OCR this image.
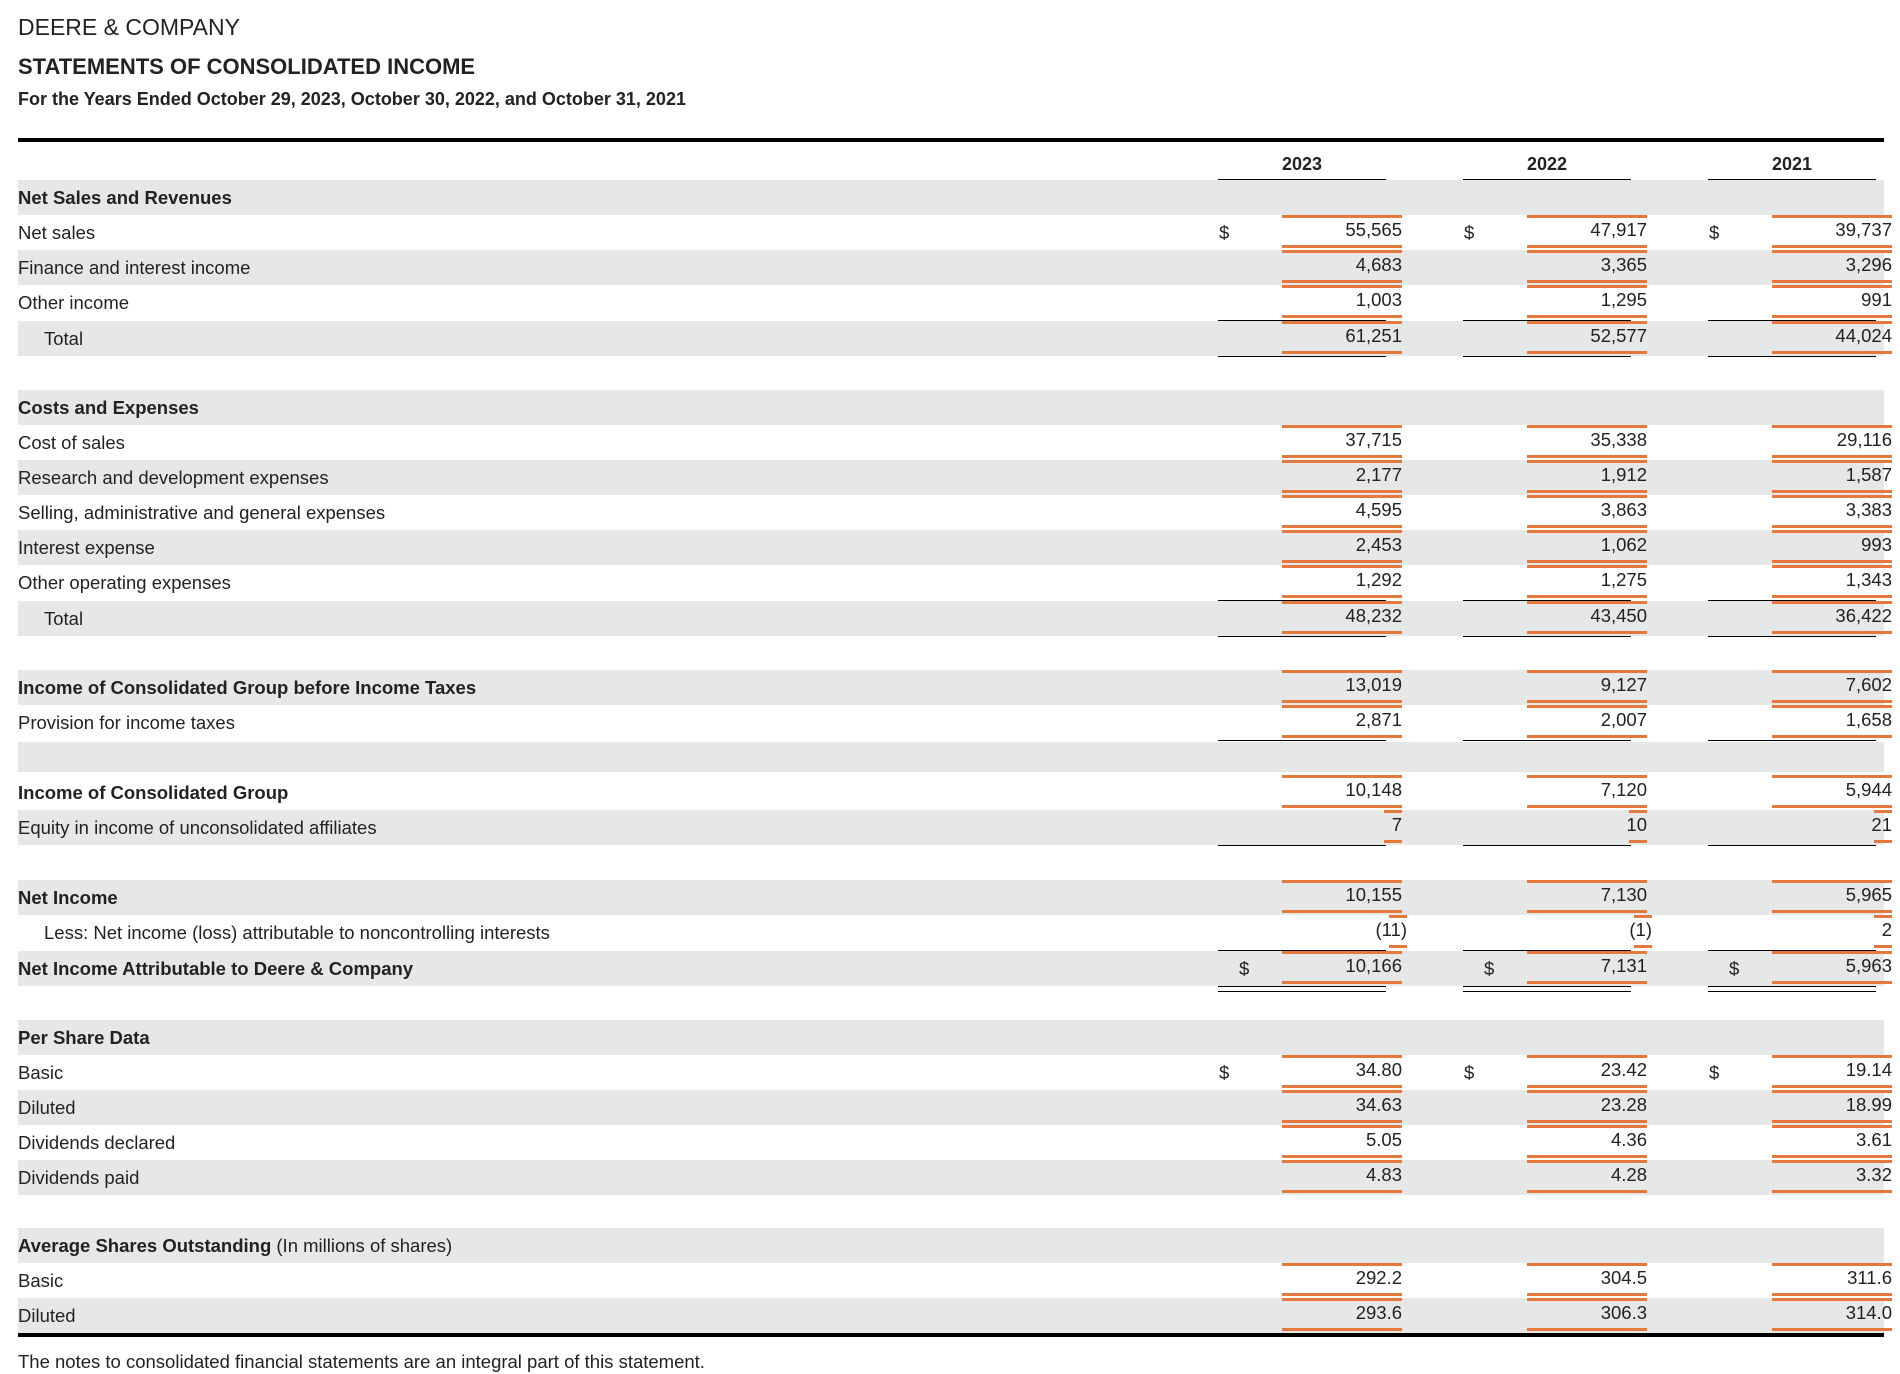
DEERE & COMPANY
STATEMENTS OF CONSOLIDATED INCOME
For the Years Ended October 29, 2023, October 30, 2022, and October 31, 2021
2023	2022	2021
Net Sales and Revenues
Net sales	$	55,565	$	47,917	$	39,737
Finance and interest income	4,683	3,365	3,296
Other income	1,003	1,295	991
Total	61,251	52,577	44,024
Costs and Expenses
Cost of sales	37,715	35,338	29,116
Research and development expenses	2,177	1,912	1,587
Selling, administrative and general expenses	4,595	3,863	3,383
Interest expense	2,453	1,062	993
Other operating expenses	1,292	1,275	1,343
Total	48,232	43,450	36,422
Income of Consolidated Group before Income Taxes	13,019	9,127	7,602
Provision for income taxes	2,871	2,007	1,658
Income of Consolidated Group	10,148	7,120	5,944
Equity in income of unconsolidated affiliates	7	10	21
Net Income	10,155	7,130	5,965
Less: Net income (loss) attributable to noncontrolling interests	(11)	(1)	2
Net Income Attributable to Deere & Company	$	10,166	$	7,131	$	5,963
Per Share Data
Basic	$	34.80	$	23.42	$	19.14
Diluted	34.63	23.28	18.99
Dividends declared	5.05	4.36	3.61
Dividends paid	4.83	4.28	3.32
Average Shares Outstanding (In millions of shares)
Basic	292.2	304.5	311.6
Diluted	293.6	306.3	314.0
The notes to consolidated financial statements are an integral part of this statement.
